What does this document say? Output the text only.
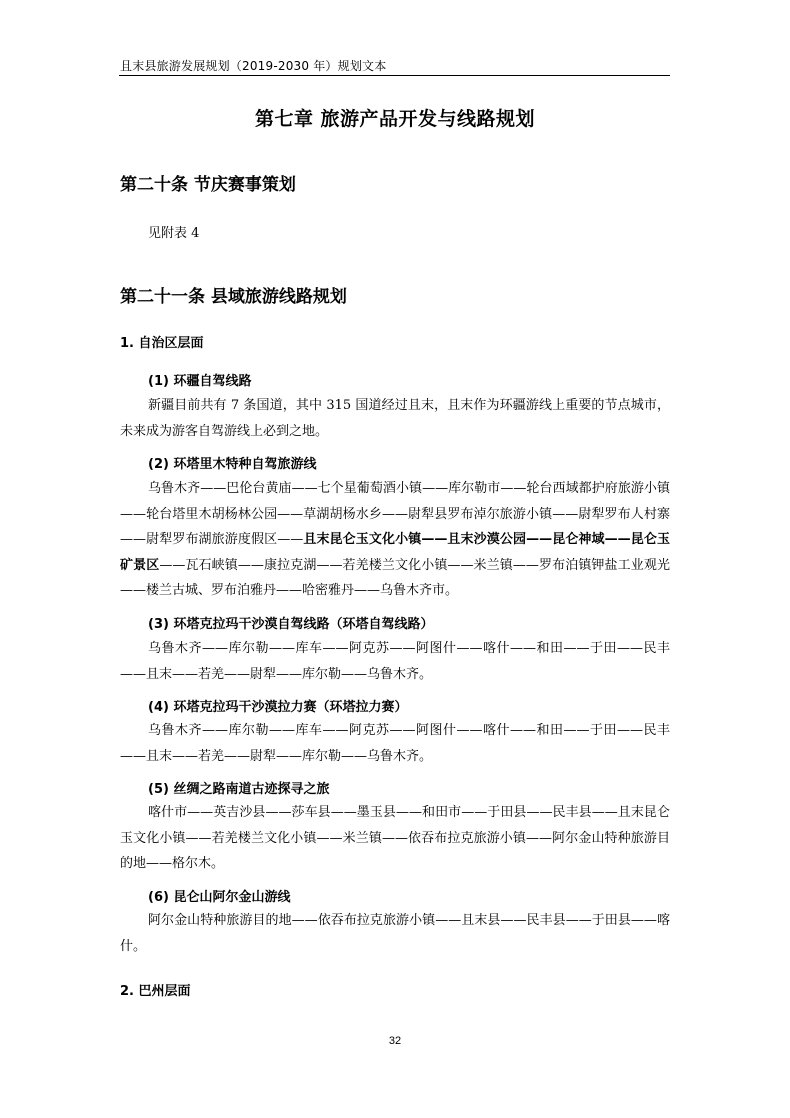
且末县旅游发展规划（2019-2030 年）规划文本
第七章 旅游产品开发与线路规划
第二十条 节庆赛事策划
见附表 4
第二十一条 县域旅游线路规划
1. 自治区层面
(1) 环疆自驾线路
新疆目前共有 7 条国道，其中 315 国道经过且末，且末作为环疆游线上重要的节点城市，未来成为游客自驾游线上必到之地。
(2) 环塔里木特种自驾旅游线
乌鲁木齐——巴伦台黄庙——七个星葡萄酒小镇——库尔勒市——轮台西域都护府旅游小镇——轮台塔里木胡杨林公园——草湖胡杨水乡——尉犁县罗布淖尔旅游小镇——尉犁罗布人村寨——尉犁罗布湖旅游度假区——且末昆仑玉文化小镇——且末沙漠公园——昆仑神域——昆仑玉矿景区——瓦石峡镇——康拉克湖——若羌楼兰文化小镇——米兰镇——罗布泊镇钾盐工业观光——楼兰古城、罗布泊雅丹——哈密雅丹——乌鲁木齐市。
(3) 环塔克拉玛干沙漠自驾线路（环塔自驾线路）
乌鲁木齐——库尔勒——库车——阿克苏——阿图什——喀什——和田——于田——民丰——且末——若羌——尉犁——库尔勒——乌鲁木齐。
(4) 环塔克拉玛干沙漠拉力赛（环塔拉力赛）
乌鲁木齐——库尔勒——库车——阿克苏——阿图什——喀什——和田——于田——民丰——且末——若羌——尉犁——库尔勒——乌鲁木齐。
(5) 丝绸之路南道古迹探寻之旅
喀什市——英吉沙县——莎车县——墨玉县——和田市——于田县——民丰县——且末昆仑玉文化小镇——若羌楼兰文化小镇——米兰镇——依吞布拉克旅游小镇——阿尔金山特种旅游目的地——格尔木。
(6) 昆仑山阿尔金山游线
阿尔金山特种旅游目的地——依吞布拉克旅游小镇——且末县——民丰县——于田县——喀什。
2. 巴州层面
32
